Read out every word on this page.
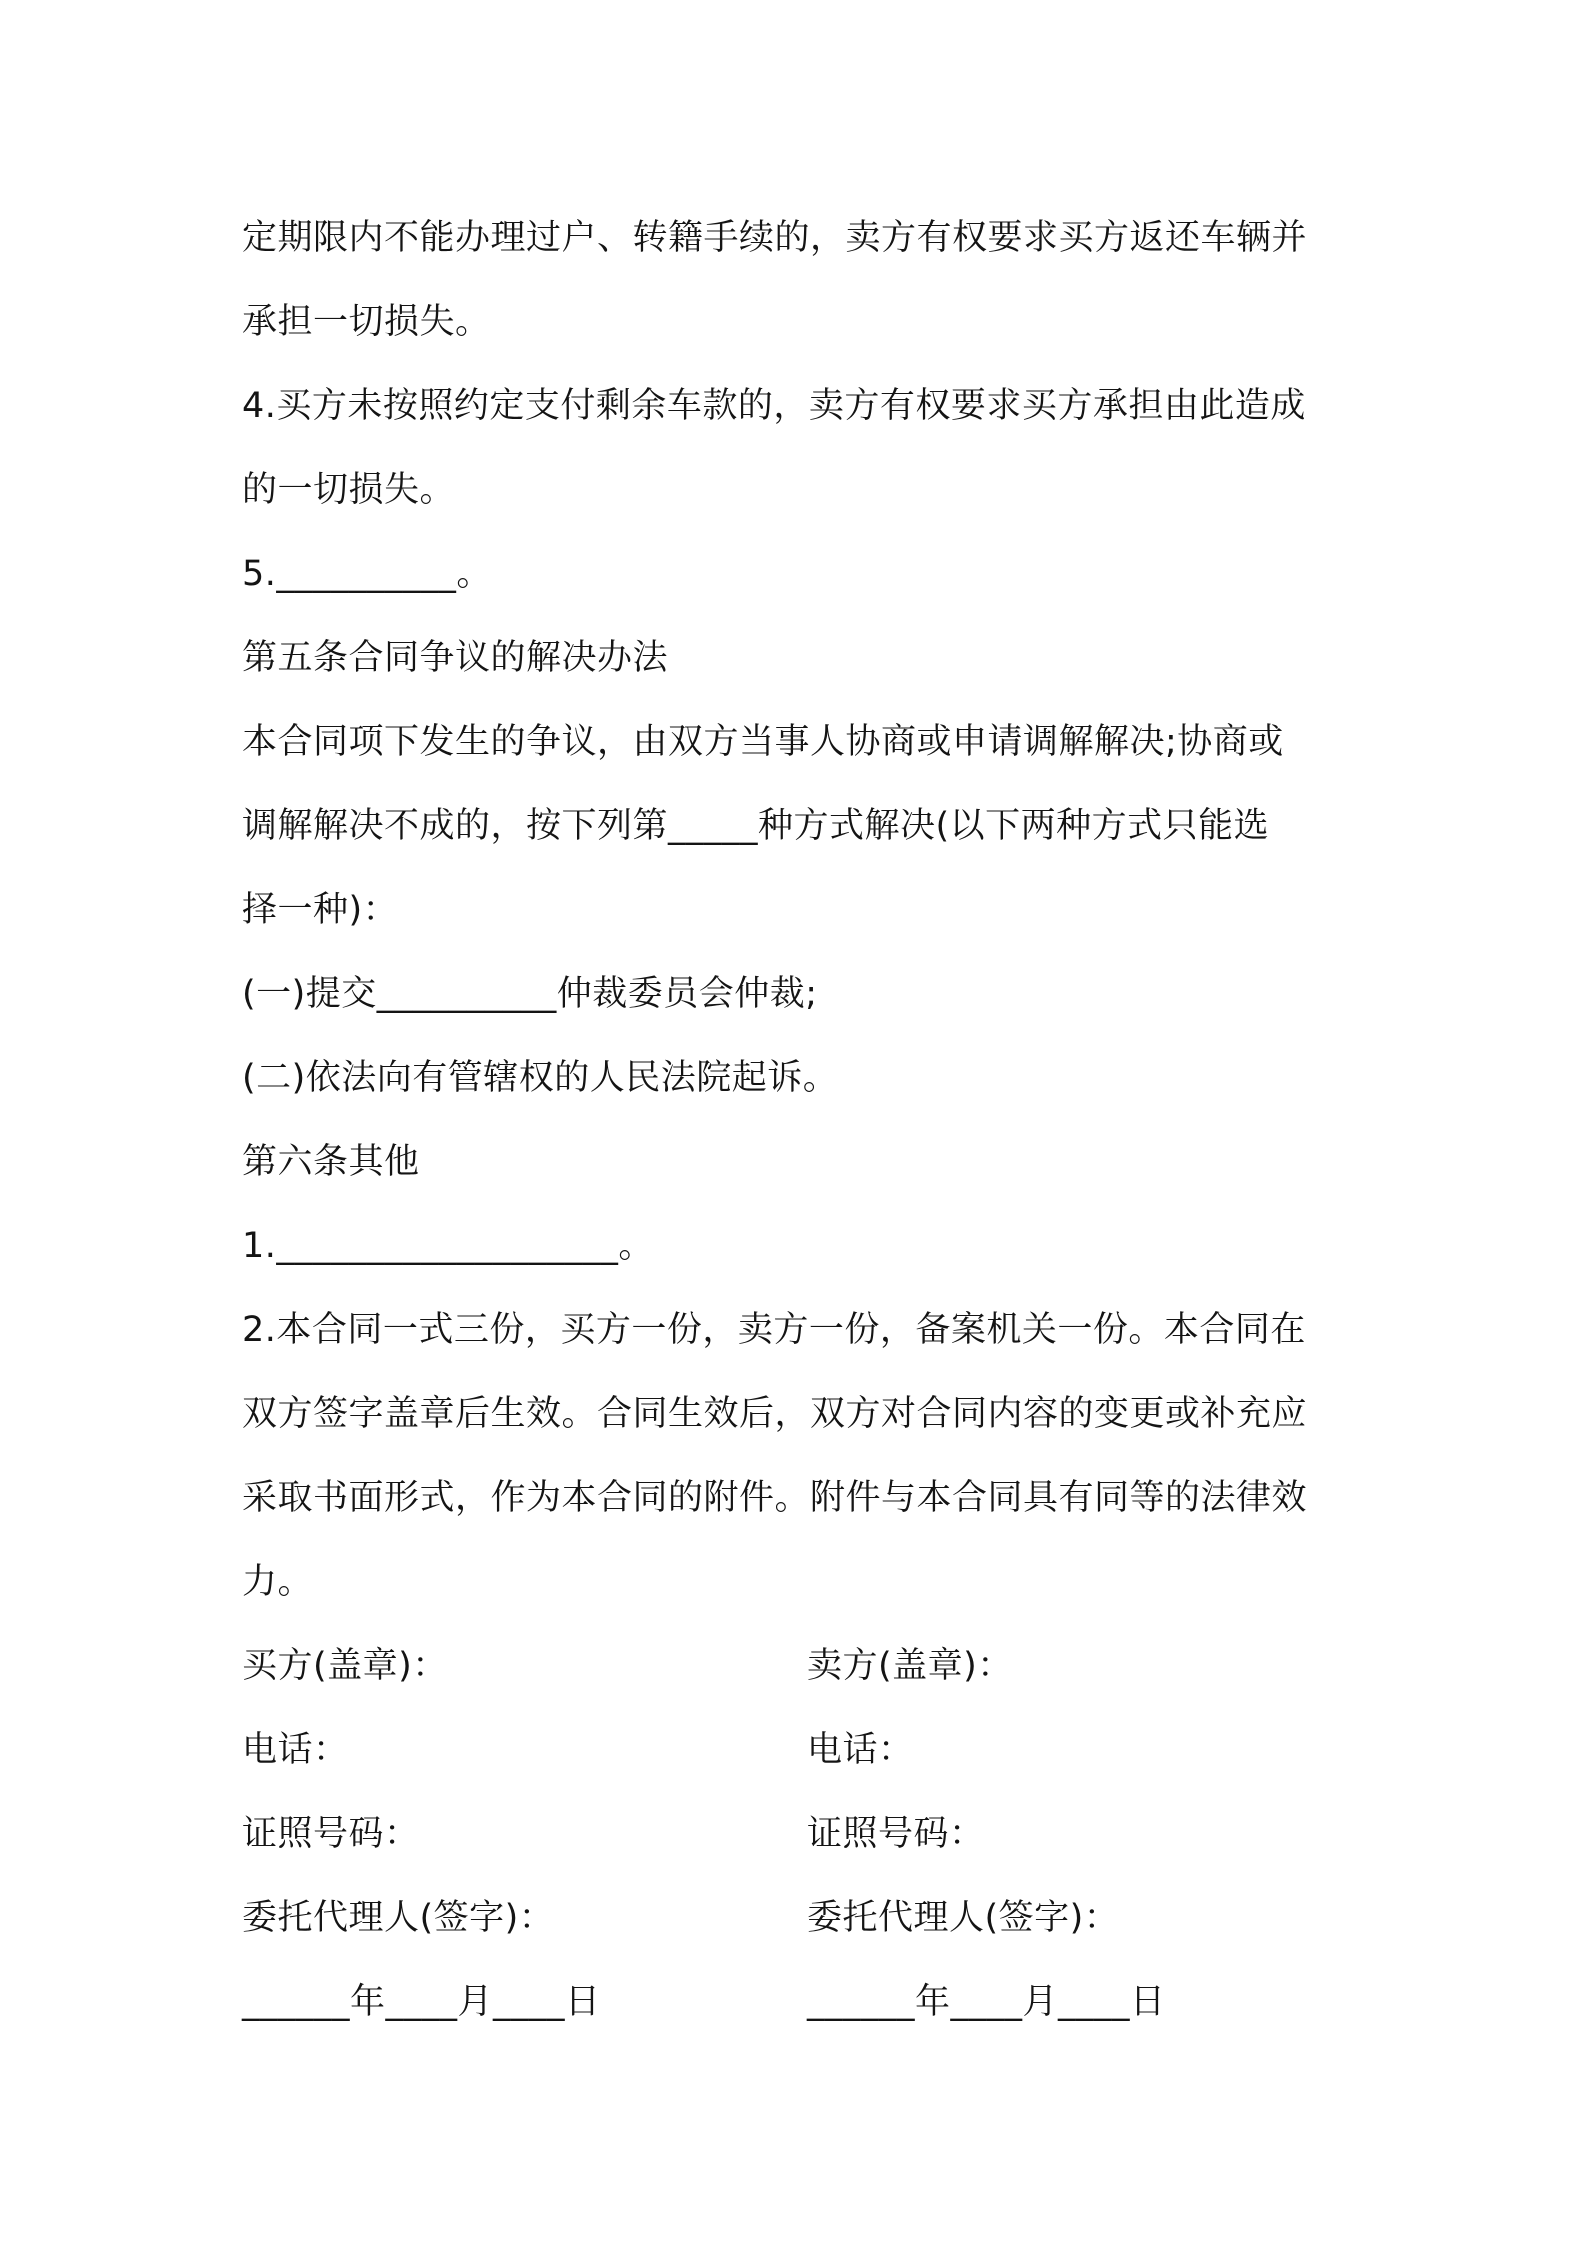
定期限内不能办理过户、转籍手续的，卖方有权要求买方返还车辆并
承担一切损失。
4.买方未按照约定支付剩余车款的，卖方有权要求买方承担由此造成
的一切损失。
5.__________。
第五条合同争议的解决办法
本合同项下发生的争议，由双方当事人协商或申请调解解决;协商或
调解解决不成的，按下列第_____种方式解决(以下两种方式只能选
择一种)：
(一)提交__________仲裁委员会仲裁;
(二)依法向有管辖权的人民法院起诉。
第六条其他
1.___________________。
2.本合同一式三份，买方一份，卖方一份，备案机关一份。本合同在
双方签字盖章后生效。合同生效后，双方对合同内容的变更或补充应
采取书面形式，作为本合同的附件。附件与本合同具有同等的法律效
力。
买方(盖章)：	卖方(盖章)：
电话：	电话：
证照号码：	证照号码：
委托代理人(签字)：	委托代理人(签字)：
______年____月____日	______年____月____日
